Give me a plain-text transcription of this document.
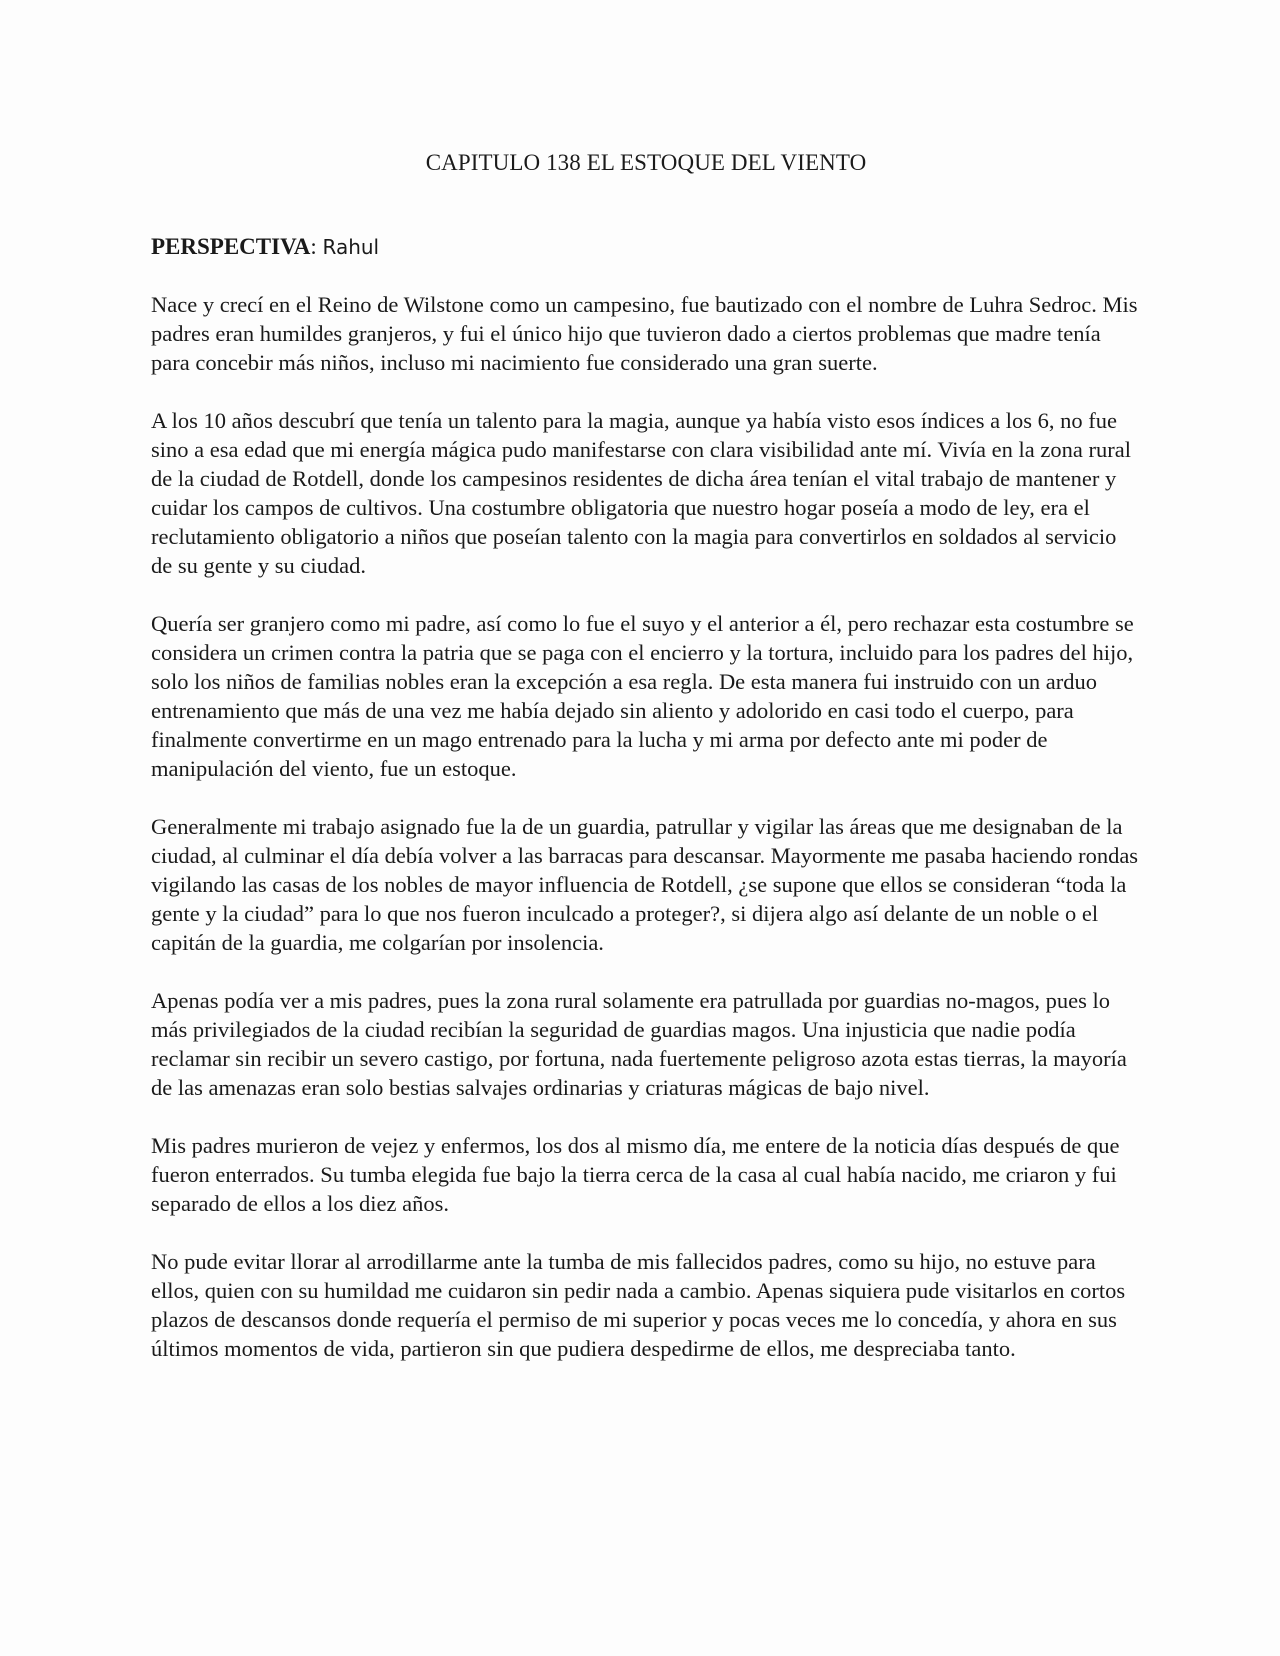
CAPITULO 138 EL ESTOQUE DEL VIENTO
PERSPECTIVA: Rahul

Nace y crecí en el Reino de Wilstone como un campesino, fue bautizado con el nombre de Luhra Sedroc. Mis padres eran humildes granjeros, y fui el único hijo que tuvieron dado a ciertos problemas que madre tenía para concebir más niños, incluso mi nacimiento fue considerado una gran suerte.

A los 10 años descubrí que tenía un talento para la magia, aunque ya había visto esos índices a los 6, no fue sino a esa edad que mi energía mágica pudo manifestarse con clara visibilidad ante mí. Vivía en la zona rural de la ciudad de Rotdell, donde los campesinos residentes de dicha área tenían el vital trabajo de mantener y cuidar los campos de cultivos. Una costumbre obligatoria que nuestro hogar poseía a modo de ley, era el reclutamiento obligatorio a niños que poseían talento con la magia para convertirlos en soldados al servicio de su gente y su ciudad.

Quería ser granjero como mi padre, así como lo fue el suyo y el anterior a él, pero rechazar esta costumbre se considera un crimen contra la patria que se paga con el encierro y la tortura, incluido para los padres del hijo, solo los niños de familias nobles eran la excepción a esa regla. De esta manera fui instruido con un arduo entrenamiento que más de una vez me había dejado sin aliento y adolorido en casi todo el cuerpo, para finalmente convertirme en un mago entrenado para la lucha y mi arma por defecto ante mi poder de manipulación del viento, fue un estoque.

Generalmente mi trabajo asignado fue la de un guardia, patrullar y vigilar las áreas que me designaban de la ciudad, al culminar el día debía volver a las barracas para descansar. Mayormente me pasaba haciendo rondas vigilando las casas de los nobles de mayor influencia de Rotdell, ¿se supone que ellos se consideran “toda la gente y la ciudad” para lo que nos fueron inculcado a proteger?, si dijera algo así delante de un noble o el capitán de la guardia, me colgarían por insolencia.

Apenas podía ver a mis padres, pues la zona rural solamente era patrullada por guardias no-magos, pues lo más privilegiados de la ciudad recibían la seguridad de guardias magos. Una injusticia que nadie podía reclamar sin recibir un severo castigo, por fortuna, nada fuertemente peligroso azota estas tierras, la mayoría de las amenazas eran solo bestias salvajes ordinarias y criaturas mágicas de bajo nivel.

Mis padres murieron de vejez y enfermos, los dos al mismo día, me entere de la noticia días después de que fueron enterrados. Su tumba elegida fue bajo la tierra cerca de la casa al cual había nacido, me criaron y fui separado de ellos a los diez años.

No pude evitar llorar al arrodillarme ante la tumba de mis fallecidos padres, como su hijo, no estuve para ellos, quien con su humildad me cuidaron sin pedir nada a cambio. Apenas siquiera pude visitarlos en cortos plazos de descansos donde requería el permiso de mi superior y pocas veces me lo concedía, y ahora en sus últimos momentos de vida, partieron sin que pudiera despedirme de ellos, me despreciaba tanto.
